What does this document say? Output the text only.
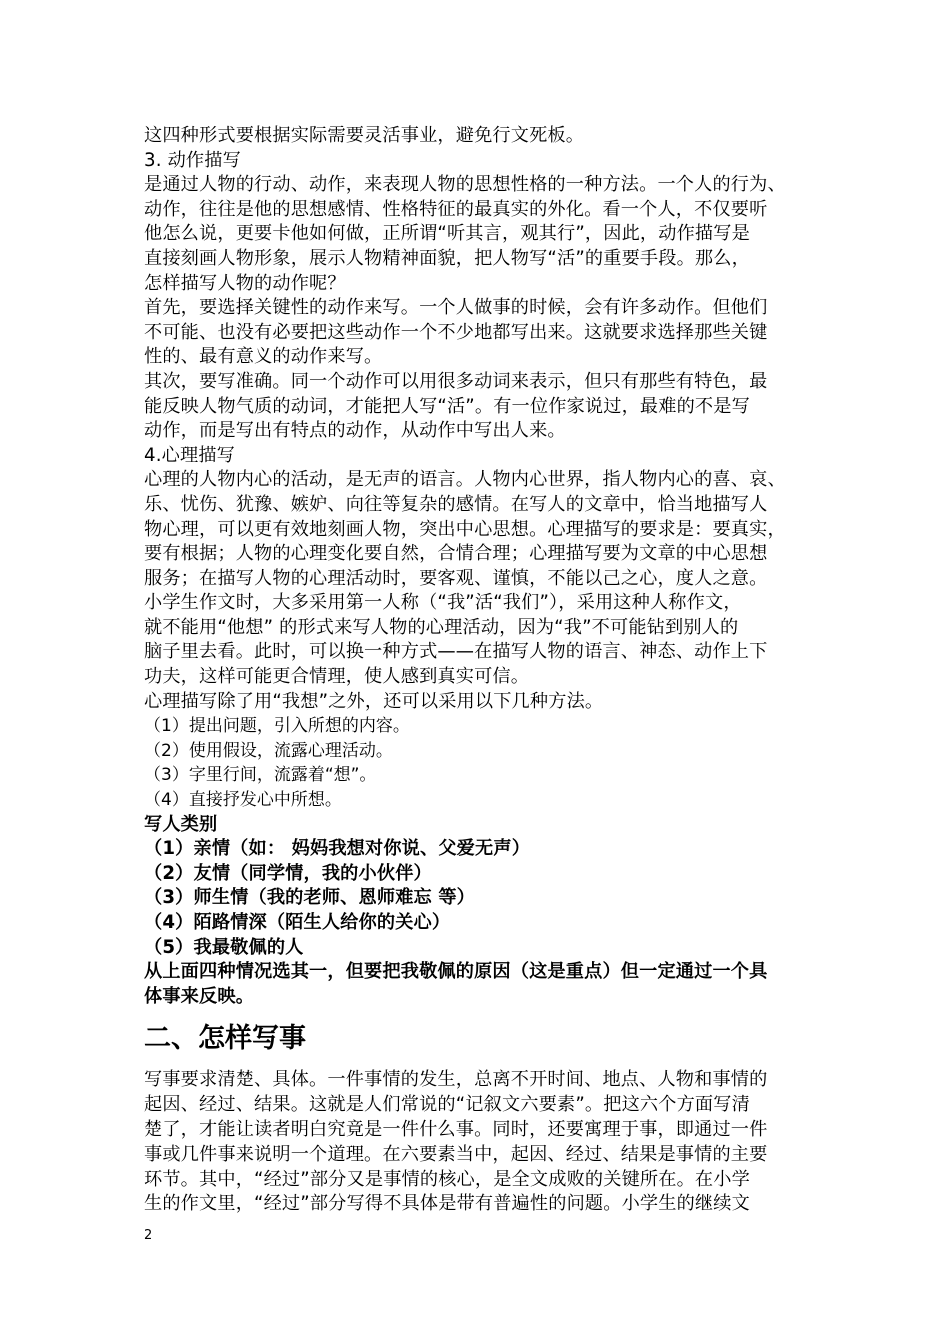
这四种形式要根据实际需要灵活事业，避免行文死板。
3. 动作描写
是通过人物的行动、动作，来表现人物的思想性格的一种方法。一个人的行为、
动作，往往是他的思想感情、性格特征的最真实的外化。看一个人，不仅要听
他怎么说，更要卡他如何做，正所谓“听其言，观其行”，因此，动作描写是
直接刻画人物形象，展示人物精神面貌，把人物写“活”的重要手段。那么，
怎样描写人物的动作呢？
首先，要选择关键性的动作来写。一个人做事的时候，会有许多动作。但他们
不可能、也没有必要把这些动作一个不少地都写出来。这就要求选择那些关键
性的、最有意义的动作来写。
其次，要写准确。同一个动作可以用很多动词来表示，但只有那些有特色，最
能反映人物气质的动词，才能把人写“活”。有一位作家说过，最难的不是写
动作，而是写出有特点的动作，从动作中写出人来。
4.心理描写
心理的人物内心的活动，是无声的语言。人物内心世界，指人物内心的喜、哀、
乐、忧伤、犹豫、嫉妒、向往等复杂的感情。在写人的文章中，恰当地描写人
物心理，可以更有效地刻画人物，突出中心思想。心理描写的要求是：要真实，
要有根据；人物的心理变化要自然，合情合理；心理描写要为文章的中心思想
服务；在描写人物的心理活动时，要客观、谨慎，不能以己之心，度人之意。
小学生作文时，大多采用第一人称（“我”活“我们”），采用这种人称作文，
就不能用“他想” 的形式来写人物的心理活动，因为“我”不可能钻到别人的
脑子里去看。此时，可以换一种方式——在描写人物的语言、神态、动作上下
功夫，这样可能更合情理，使人感到真实可信。
心理描写除了用“我想”之外，还可以采用以下几种方法。
（1）提出问题，引入所想的内容。
（2）使用假设，流露心理活动。
（3）字里行间，流露着“想”。
（4）直接抒发心中所想。
写人类别
（1）亲情（如： 妈妈我想对你说、父爱无声）
（2）友情（同学情，我的小伙伴）
（3）师生情（我的老师、恩师难忘 等）
（4）陌路情深（陌生人给你的关心）
（5）我最敬佩的人
从上面四种情况选其一，但要把我敬佩的原因（这是重点）但一定通过一个具
体事来反映。
二、怎样写事
写事要求清楚、具体。一件事情的发生，总离不开时间、地点、人物和事情的
起因、经过、结果。这就是人们常说的“记叙文六要素”。把这六个方面写清
楚了，才能让读者明白究竟是一件什么事。同时，还要寓理于事，即通过一件
事或几件事来说明一个道理。在六要素当中，起因、经过、结果是事情的主要
环节。其中，“经过”部分又是事情的核心，是全文成败的关键所在。在小学
生的作文里，“经过”部分写得不具体是带有普遍性的问题。小学生的继续文
2
